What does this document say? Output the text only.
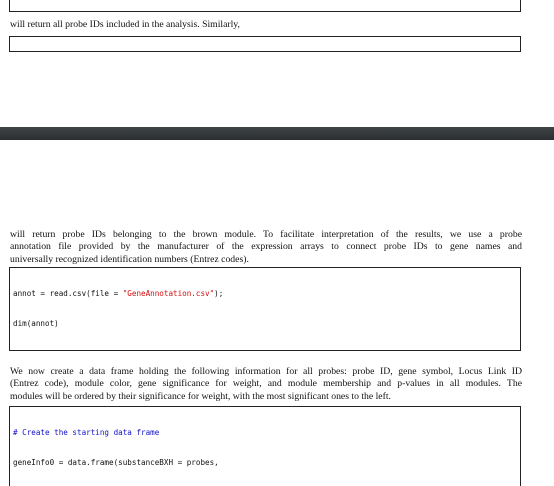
will return all probe IDs included in the analysis. Similarly,

will return probe IDs belonging to the brown module. To facilitate interpretation of the results, we use a probe
annotation file provided by the manufacturer of the expression arrays to connect probe IDs to gene names and
universally recognized identification numbers (Entrez codes).

annot = read.csv(file = "GeneAnnotation.csv");

dim(annot)

We now create a data frame holding the following information for all probes: probe ID, gene symbol, Locus Link ID
(Entrez code), module color, gene significance for weight, and module membership and p-values in all modules. The
modules will be ordered by their significance for weight, with the most significant ones to the left.

# Create the starting data frame

geneInfo0 = data.frame(substanceBXH = probes,
